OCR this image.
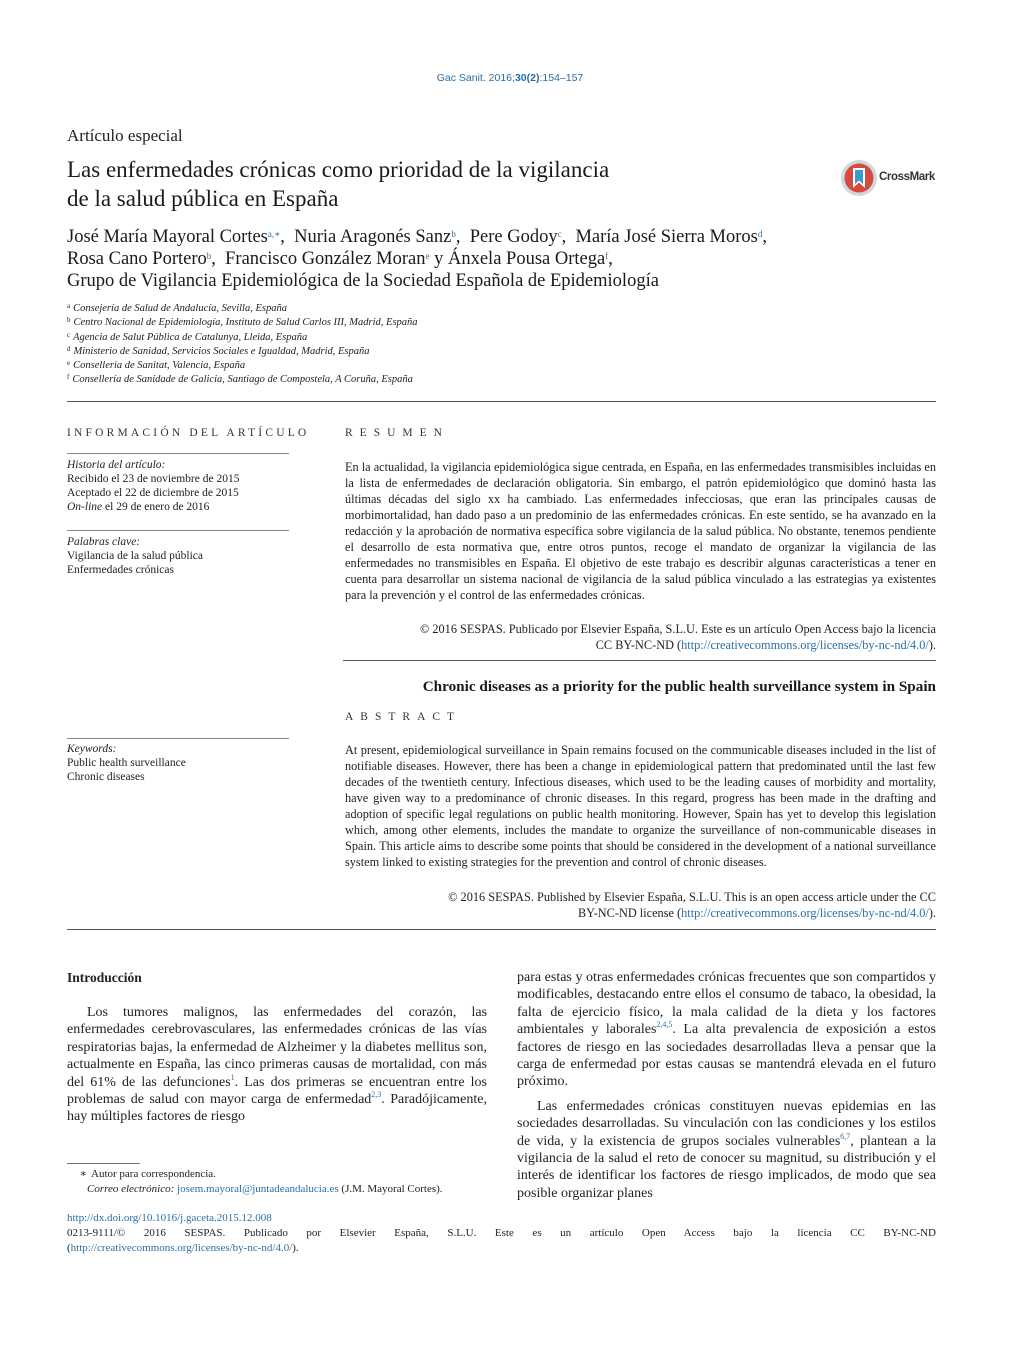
Gac Sanit. 2016;30(2):154–157
Artículo especial
Las enfermedades crónicas como prioridad de la vigilancia
de la salud pública en España
CrossMark
José María Mayoral Cortes$^{a,∗}$, Nuria Aragonés Sanz$^b$, Pere Godoy$^c$, María José Sierra Moros$^d$,
Rosa Cano Portero$^b$, Francisco González Moran$^e$ y Ánxela Pousa Ortega$^f$,
Grupo de Vigilancia Epidemiológica de la Sociedad Española de Epidemiología
$^a$ Consejería de Salud de Andalucía, Sevilla, España
$^b$ Centro Nacional de Epidemiología, Instituto de Salud Carlos III, Madrid, España
$^c$ Agencia de Salut Pública de Catalunya, Lleida, España
$^d$ Ministerio de Sanidad, Servicios Sociales e Igualdad, Madrid, España
$^e$ Conselleria de Sanitat, Valencia, España
$^f$ Consellería de Sanidade de Galicia, Santiago de Compostela, A Coruña, España
INFORMACIÓN DEL ARTÍCULO
Historia del artículo:
Recibido el 23 de noviembre de 2015
Aceptado el 22 de diciembre de 2015
On-line el 29 de enero de 2016
Palabras clave:
Vigilancia de la salud pública
Enfermedades crónicas
Keywords:
Public health surveillance
Chronic diseases
RESUMEN
En la actualidad, la vigilancia epidemiológica sigue centrada, en España, en las enfermedades transmisibles incluidas en la lista de enfermedades de declaración obligatoria. Sin embargo, el patrón epidemiológico que dominó hasta las últimas décadas del siglo xx ha cambiado. Las enfermedades infecciosas, que eran las principales causas de morbimortalidad, han dado paso a un predominio de las enfermedades crónicas. En este sentido, se ha avanzado en la redacción y la aprobación de normativa específica sobre vigilancia de la salud pública. No obstante, tenemos pendiente el desarrollo de esta normativa que, entre otros puntos, recoge el mandato de organizar la vigilancia de las enfermedades no transmisibles en España. El objetivo de este trabajo es describir algunas características a tener en cuenta para desarrollar un sistema nacional de vigilancia de la salud pública vinculado a las estrategias ya existentes para la prevención y el control de las enfermedades crónicas.
© 2016 SESPAS. Publicado por Elsevier España, S.L.U. Este es un artículo Open Access bajo la licencia
CC BY-NC-ND (http://creativecommons.org/licenses/by-nc-nd/4.0/).
Chronic diseases as a priority for the public health surveillance system in Spain
ABSTRACT
At present, epidemiological surveillance in Spain remains focused on the communicable diseases included in the list of notifiable diseases. However, there has been a change in epidemiological pattern that predominated until the last few decades of the twentieth century. Infectious diseases, which used to be the leading causes of morbidity and mortality, have given way to a predominance of chronic diseases. In this regard, progress has been made in the drafting and adoption of specific legal regulations on public health monitoring. However, Spain has yet to develop this legislation which, among other elements, includes the mandate to organize the surveillance of non-communicable diseases in Spain. This article aims to describe some points that should be considered in the development of a national surveillance system linked to existing strategies for the prevention and control of chronic diseases.
© 2016 SESPAS. Published by Elsevier España, S.L.U. This is an open access article under the CC
BY-NC-ND license (http://creativecommons.org/licenses/by-nc-nd/4.0/).
Introducción

Los tumores malignos, las enfermedades del corazón, las enfermedades cerebrovasculares, las enfermedades crónicas de las vías respiratorias bajas, la enfermedad de Alzheimer y la diabetes mellitus son, actualmente en España, las cinco primeras causas de mortalidad, con más del 61% de las defunciones$^1$. Las dos primeras se encuentran entre los problemas de salud con mayor carga de enfermedad$^{2,3}$. Paradójicamente, hay múltiples factores de riesgo

para estas y otras enfermedades crónicas frecuentes que son compartidos y modificables, destacando entre ellos el consumo de tabaco, la obesidad, la falta de ejercicio físico, la mala calidad de la dieta y los factores ambientales y laborales$^{2,4,5}$. La alta prevalencia de exposición a estos factores de riesgo en las sociedades desarrolladas lleva a pensar que la carga de enfermedad por estas causas se mantendrá elevada en el futuro próximo.

Las enfermedades crónicas constituyen nuevas epidemias en las sociedades desarrolladas. Su vinculación con las condiciones y los estilos de vida, y la existencia de grupos sociales vulnerables$^{6,7}$, plantean a la vigilancia de la salud el reto de conocer su magnitud, su distribución y el interés de identificar los factores de riesgo implicados, de modo que sea posible organizar planes

∗ Autor para correspondencia.
Correo electrónico: josem.mayoral@juntadeandalucia.es (J.M. Mayoral Cortes).
http://dx.doi.org/10.1016/j.gaceta.2015.12.008
0213-9111/© 2016 SESPAS. Publicado por Elsevier España, S.L.U. Este es un artículo Open Access bajo la licencia CC BY-NC-ND
(http://creativecommons.org/licenses/by-nc-nd/4.0/).
